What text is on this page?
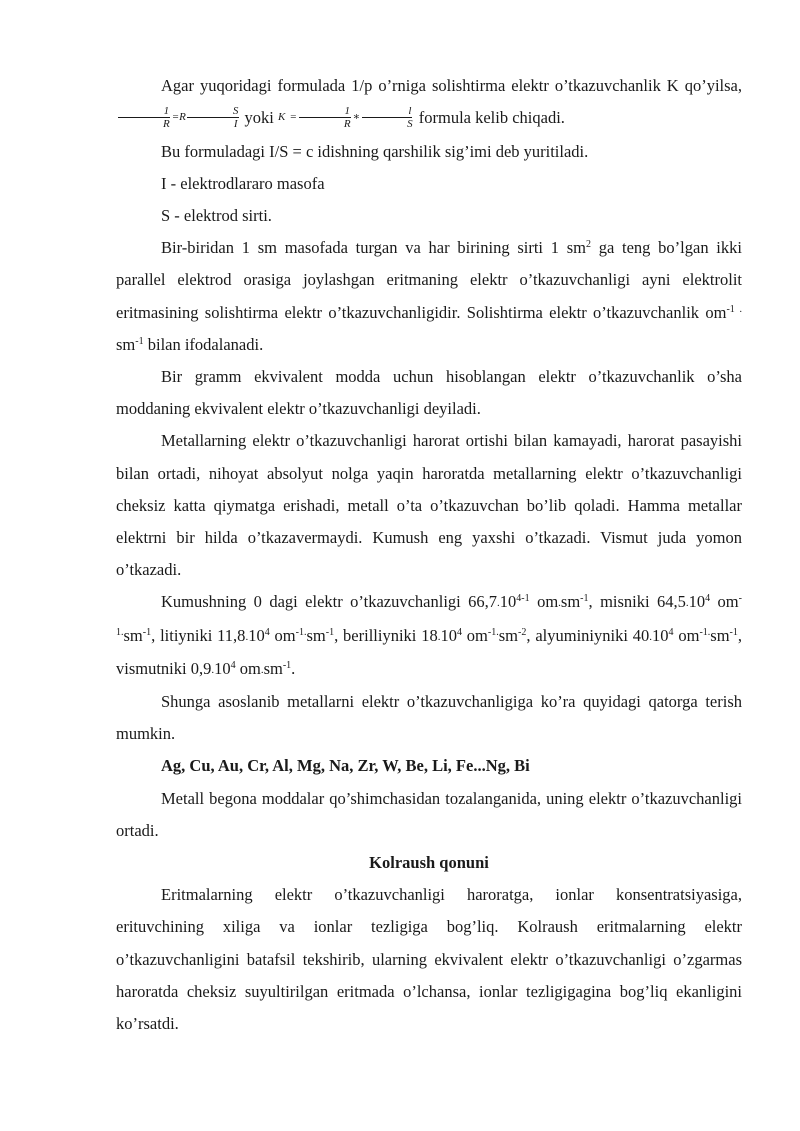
Agar yuqoridagi formulada 1/p o’rniga solishtirma elektr o’tkazuvchanlik K qo’yilsa,
$\frac{1}{R} =R \frac{S}{I}$ yoki $K = \frac{1}{R}$ ∗ $\frac{l}{S}$ formula kelib chiqadi.

Bu formuladagi I/S = c idishning qarshilik sig’imi deb yuritiladi.

I - elektrodlararo masofa

S - elektrod sirti.

Bir-biridan 1 sm masofada turgan va har birining sirti 1 $sm^2$ ga teng bo’lgan ikki parallel elektrod orasiga joylashgan eritmaning elektr o’tkazuvchanligi ayni elektrolit eritmasining solishtirma elektr o’tkazuvchanligidir. Solishtirma elektr o’tkazuvchanlik $om^{-1 .}$ $sm^{-1}$ bilan ifodalanadi.

Bir gramm ekvivalent modda uchun hisoblangan elektr o’tkazuvchanlik o’sha moddaning ekvivalent elektr o’tkazuvchanligi deyiladi.

Metallarning elektr o’tkazuvchanligi harorat ortishi bilan kamayadi, harorat pasayishi bilan ortadi, nihoyat absolyut nolga yaqin haroratda metallarning elektr o’tkazuvchanligi cheksiz katta qiymatga erishadi, metall o’ta o’tkazuvchan bo’lib qoladi. Hamma metallar elektrni bir hilda o’tkazavermaydi. Kumush eng yaxshi o’tkazadi. Vismut juda yomon o’tkazadi.

Kumushning 0 dagi elektr o’tkazuvchanligi 66,7.10$^{4-1}$ $om.sm^{-1}$, misniki 64,5.10$^4$ $om^{-1.}sm^{-1}$, litiyniki 11,8.10$^4$ $om^{-1.}sm^{-1}$, berilliyniki 18.10$^4$ $om^{-1.}sm^{-2}$, alyuminiyniki 40.10$^4$ $om^{-1.}sm^{-1}$, vismutniki 0,9.10$^4$ $om.sm^{-1}$.

Shunga asoslanib metallarni elektr o’tkazuvchanligiga ko’ra quyidagi qatorga terish mumkin.

Ag, Cu, Au, Cr, Al, Mg, Na, Zr, W, Be, Li, Fe...Ng, Bi

Metall begona moddalar qo’shimchasidan tozalanganida, uning elektr o’tkazuvchanligi ortadi.

Kolraush qonuni

Eritmalarning elektr o’tkazuvchanligi haroratga, ionlar konsentratsiyasiga, erituvchining xiliga va ionlar tezligiga bog’liq. Kolraush eritmalarning elektr o’tkazuvchanligini batafsil tekshirib, ularning ekvivalent elektr o’tkazuvchanligi o’zgarmas haroratda cheksiz suyultirilgan eritmada o’lchansa, ionlar tezligigagina bog’liq ekanligini ko’rsatdi.
